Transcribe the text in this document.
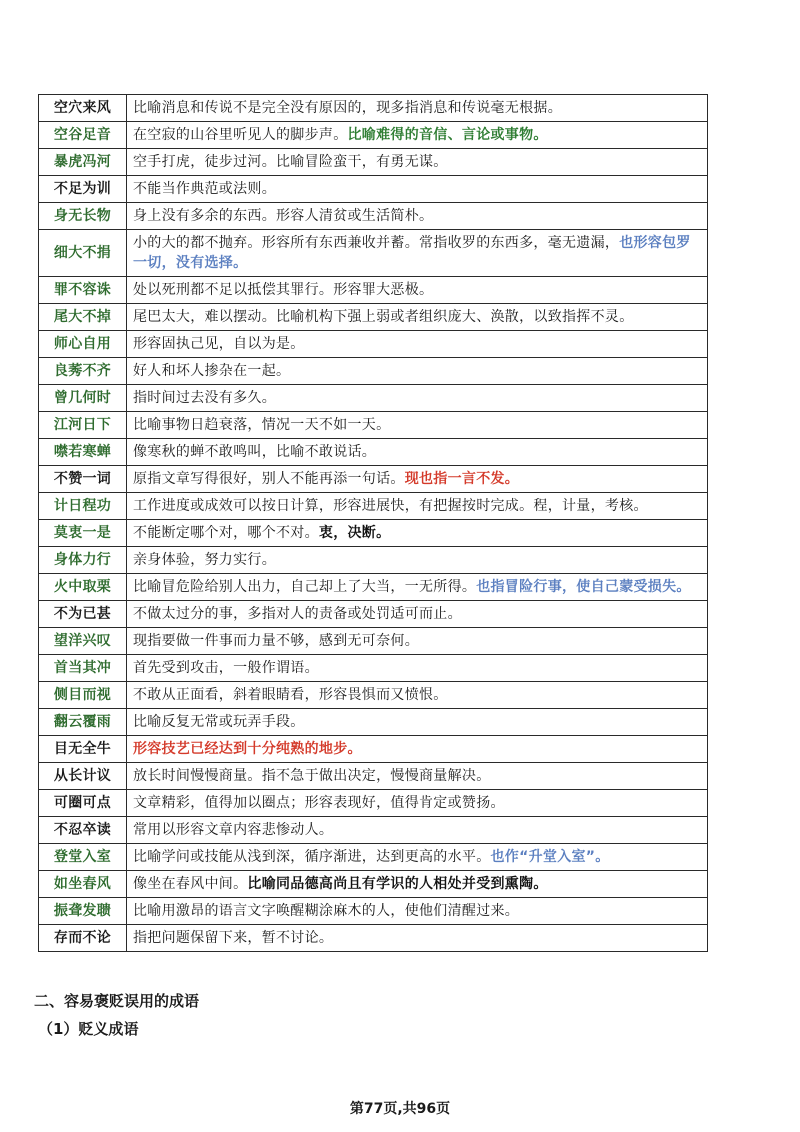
空穴来风	比喻消息和传说不是完全没有原因的，现多指消息和传说毫无根据。
空谷足音	在空寂的山谷里听见人的脚步声。比喻难得的音信、言论或事物。
暴虎冯河	空手打虎，徒步过河。比喻冒险蛮干，有勇无谋。
不足为训	不能当作典范或法则。
身无长物	身上没有多余的东西。形容人清贫或生活简朴。
细大不捐	小的大的都不抛弃。形容所有东西兼收并蓄。常指收罗的东西多，毫无遗漏，也形容包罗一切，没有选择。
罪不容诛	处以死刑都不足以抵偿其罪行。形容罪大恶极。
尾大不掉	尾巴太大，难以摆动。比喻机构下强上弱或者组织庞大、涣散，以致指挥不灵。
师心自用	形容固执己见，自以为是。
良莠不齐	好人和坏人掺杂在一起。
曾几何时	指时间过去没有多久。
江河日下	比喻事物日趋衰落，情况一天不如一天。
噤若寒蝉	像寒秋的蝉不敢鸣叫，比喻不敢说话。
不赞一词	原指文章写得很好，别人不能再添一句话。现也指一言不发。
计日程功	工作进度或成效可以按日计算，形容进展快，有把握按时完成。程，计量，考核。
莫衷一是	不能断定哪个对，哪个不对。衷，决断。
身体力行	亲身体验，努力实行。
火中取栗	比喻冒危险给别人出力，自己却上了大当，一无所得。也指冒险行事，使自己蒙受损失。
不为已甚	不做太过分的事，多指对人的责备或处罚适可而止。
望洋兴叹	现指要做一件事而力量不够，感到无可奈何。
首当其冲	首先受到攻击，一般作谓语。
侧目而视	不敢从正面看，斜着眼睛看，形容畏惧而又愤恨。
翻云覆雨	比喻反复无常或玩弄手段。
目无全牛	形容技艺已经达到十分纯熟的地步。
从长计议	放长时间慢慢商量。指不急于做出决定，慢慢商量解决。
可圈可点	文章精彩，值得加以圈点；形容表现好，值得肯定或赞扬。
不忍卒读	常用以形容文章内容悲惨动人。
登堂入室	比喻学问或技能从浅到深，循序渐进，达到更高的水平。也作“升堂入室”。
如坐春风	像坐在春风中间。比喻同品德高尚且有学识的人相处并受到熏陶。
振聋发聩	比喻用激昂的语言文字唤醒糊涂麻木的人，使他们清醒过来。
存而不论	指把问题保留下来，暂不讨论。
二、容易褒贬误用的成语
（1）贬义成语
第77页,共96页
